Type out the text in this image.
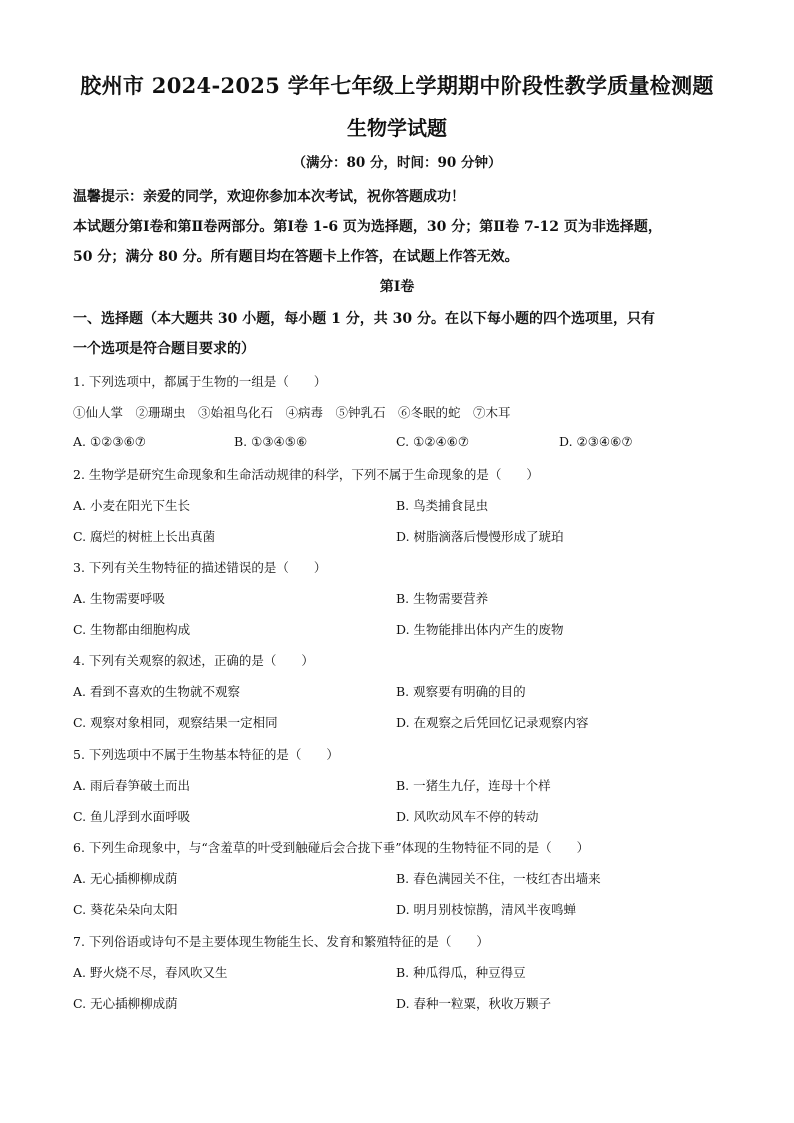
胶州市 2024-2025 学年七年级上学期期中阶段性教学质量检测题
生物学试题
（满分：80 分，时间：90 分钟）
温馨提示：亲爱的同学，欢迎你参加本次考试，祝你答题成功！
本试题分第Ⅰ卷和第Ⅱ卷两部分。第Ⅰ卷 1-6 页为选择题，30 分；第Ⅱ卷 7-12 页为非选择题，
50 分；满分 80 分。所有题目均在答题卡上作答，在试题上作答无效。
第Ⅰ卷
一、选择题（本大题共 30 小题，每小题 1 分，共 30 分。在以下每小题的四个选项里，只有
一个选项是符合题目要求的）
1. 下列选项中，都属于生物的一组是（　　）
①仙人掌　②珊瑚虫　③始祖鸟化石　④病毒　⑤钟乳石　⑥冬眠的蛇　⑦木耳
A. ①②③⑥⑦	B. ①③④⑤⑥	C. ①②④⑥⑦	D. ②③④⑥⑦
2. 生物学是研究生命现象和生命活动规律的科学，下列不属于生命现象的是（　　）
A. 小麦在阳光下生长	B. 鸟类捕食昆虫
C. 腐烂的树桩上长出真菌	D. 树脂滴落后慢慢形成了琥珀
3. 下列有关生物特征的描述错误的是（　　）
A. 生物需要呼吸	B. 生物需要营养
C. 生物都由细胞构成	D. 生物能排出体内产生的废物
4. 下列有关观察的叙述，正确的是（　　）
A. 看到不喜欢的生物就不观察	B. 观察要有明确的目的
C. 观察对象相同，观察结果一定相同	D. 在观察之后凭回忆记录观察内容
5. 下列选项中不属于生物基本特征的是（　　）
A. 雨后春笋破土而出	B. 一猪生九仔，连母十个样
C. 鱼儿浮到水面呼吸	D. 风吹动风车不停的转动
6. 下列生命现象中，与“含羞草的叶受到触碰后会合拢下垂”体现的生物特征不同的是（　　）
A. 无心插柳柳成荫	B. 春色满园关不住，一枝红杏出墙来
C. 葵花朵朵向太阳	D. 明月别枝惊鹊，清风半夜鸣蝉
7. 下列俗语或诗句不是主要体现生物能生长、发育和繁殖特征的是（　　）
A. 野火烧不尽，春风吹又生	B. 种瓜得瓜，种豆得豆
C. 无心插柳柳成荫	D. 春种一粒粟，秋收万颗子
